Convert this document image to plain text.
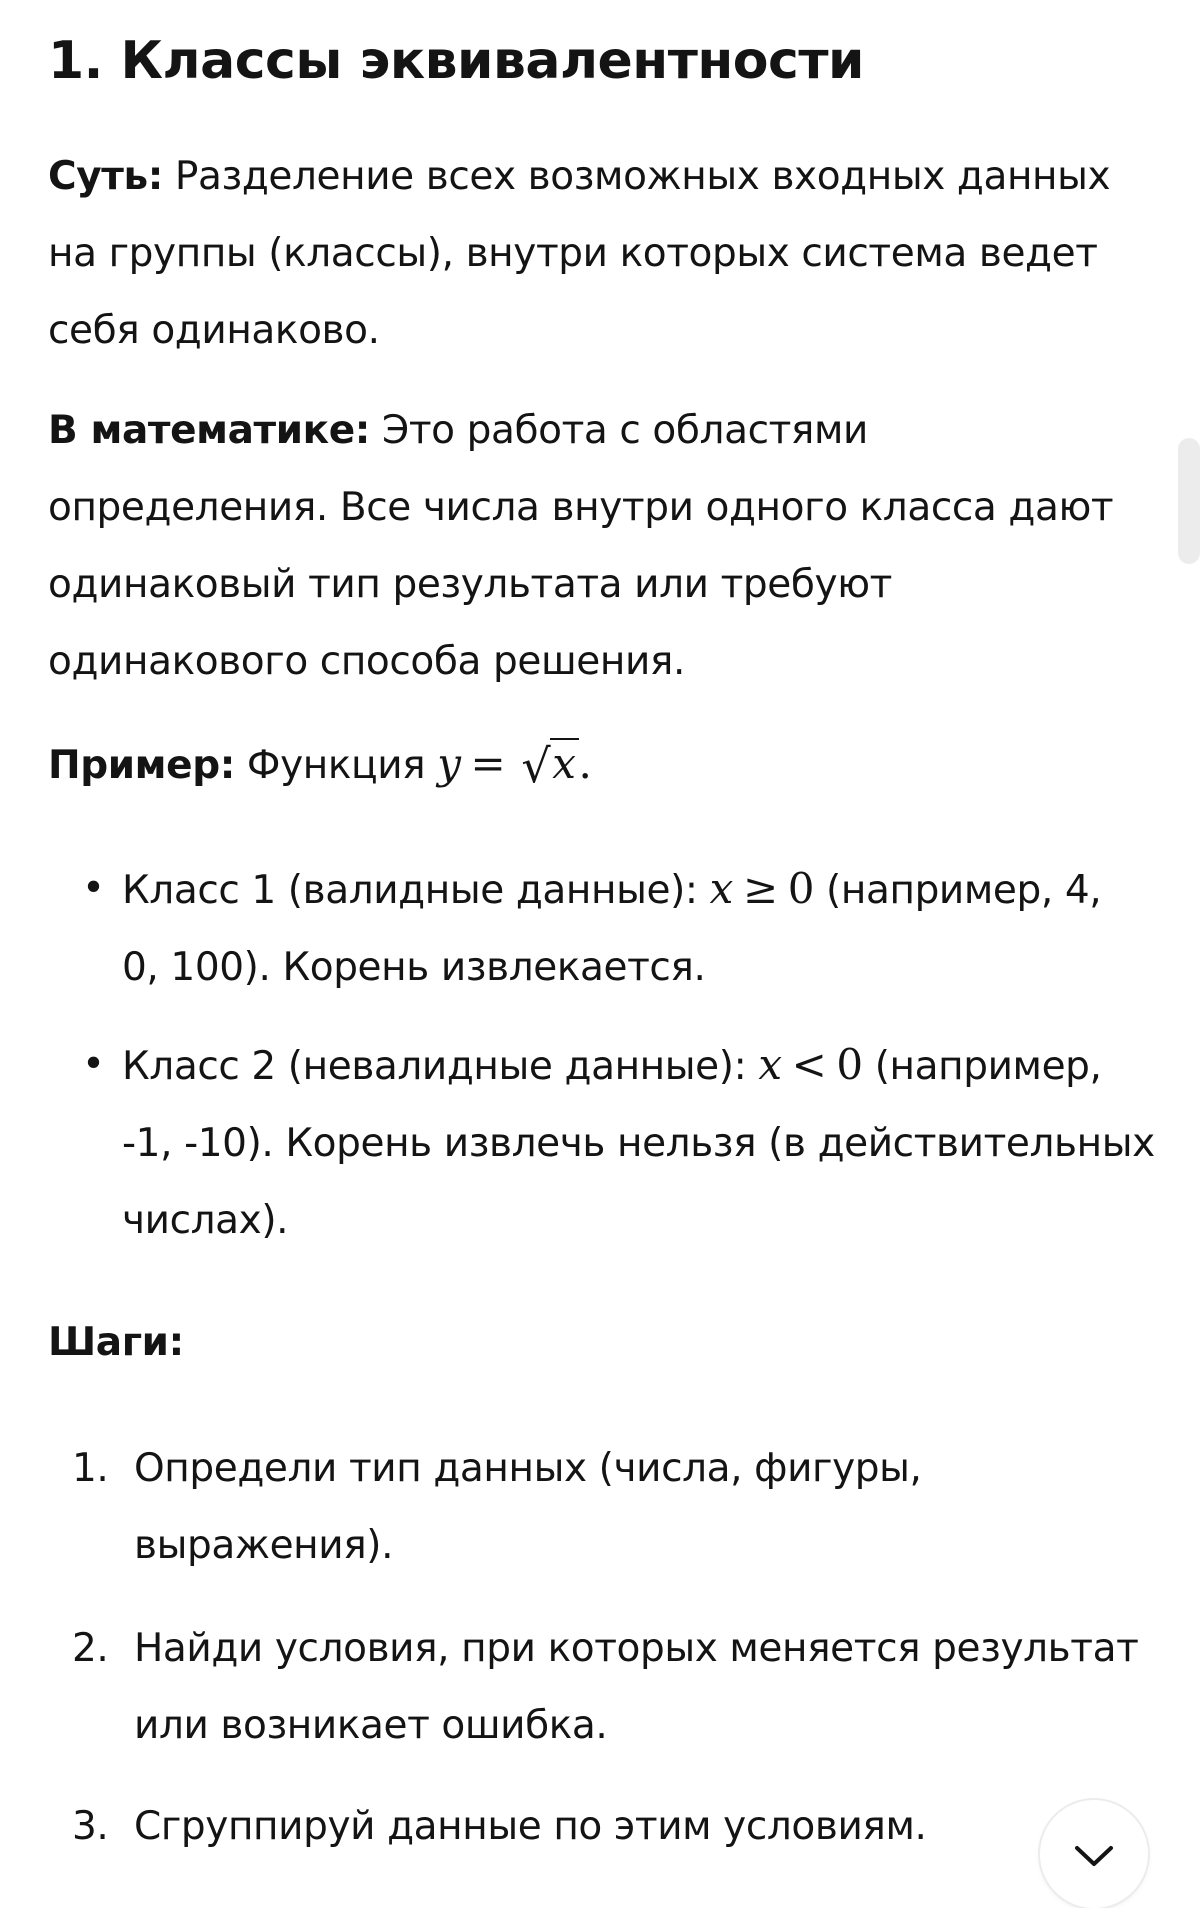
1. Классы эквивалентности

Суть: Разделение всех возможных входных данных
на группы (классы), внутри которых система ведет
себя одинаково.

В математике: Это работа с областями
определения. Все числа внутри одного класса дают
одинаковый тип результата или требуют
одинакового способа решения.

Пример: Функция y = √x.

• Класс 1 (валидные данные): x ≥ 0 (например, 4,
0, 100). Корень извлекается.
• Класс 2 (невалидные данные): x < 0 (например,
-1, -10). Корень извлечь нельзя (в действительных
числах).

Шаги:

1. Определи тип данных (числа, фигуры,
выражения).
2. Найди условия, при которых меняется результат
или возникает ошибка.
3. Сгруппируй данные по этим условиям.
